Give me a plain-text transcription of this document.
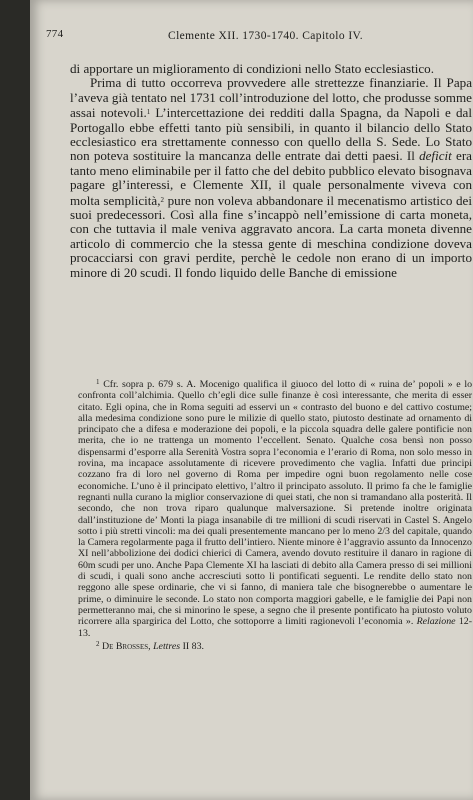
774	Clemente XII. 1730-1740. Capitolo IV.

di apportare un miglioramento di condizioni nello Stato ecclesiastico.

Prima di tutto occorreva provvedere alle strettezze finanziarie. Il Papa l’aveva già tentato nel 1731 coll’introduzione del lotto, che produsse somme assai notevoli.$^1$ L’intercettazione dei redditi dalla Spagna, da Napoli e dal Portogallo ebbe effetti tanto più sensibili, in quanto il bilancio dello Stato ecclesiastico era strettamente connesso con quello della S. Sede. Lo Stato non poteva sostituire la mancanza delle entrate dai detti paesi. Il deficit era tanto meno eliminabile per il fatto che del debito pubblico elevato bisognava pagare gl’interessi, e Clemente XII, il quale personalmente viveva con molta semplicità,$^2$ pure non voleva abbandonare il mecenatismo artistico dei suoi predecessori. Così alla fine s’incappò nell’emissione di carta moneta, con che tuttavia il male veniva aggravato ancora. La carta moneta divenne articolo di commercio che la stessa gente di meschina condizione doveva procacciarsi con gravi perdite, perchè le cedole non erano di un importo minore di 20 scudi. Il fondo liquido delle Banche di emissione

$^1$ Cfr. sopra p. 679 s. A. Mocenigo qualifica il giuoco del lotto di « ruina de’ popoli » e lo confronta coll’alchimia. Quello ch’egli dice sulle finanze è così interessante, che merita di esser citato. Egli opina, che in Roma seguiti ad esservi un « contrasto del buono e del cattivo costume; alla medesima condizione sono pure le milizie di quello stato, piutosto destinate ad ornamento di principato che a difesa e moderazione dei popoli, e la piccola squadra delle galere pontificie non merita, che io ne trattenga un momento l’eccellent. Senato. Qualche cosa bensì non posso dispensarmi d’esporre alla Serenità Vostra sopra l’economia e l’erario di Roma, non solo messo in rovina, ma incapace assolutamente di ricevere provedimento che vaglia. Infatti due principi cozzano fra di loro nel governo di Roma per impedire ogni buon regolamento nelle cose economiche. L’uno è il principato elettivo, l’altro il principato assoluto. Il primo fa che le famiglie regnanti nulla curano la miglior conservazione di quei stati, che non si tramandano alla posterità. Il secondo, che non trova riparo qualunque malversazione. Si pretende inoltre originata dall’instituzione de’ Monti la piaga insanabile di tre millioni di scudi riservati in Castel S. Angelo sotto i più stretti vincoli: ma dei quali presentemente mancano per lo meno 2/3 del capitale, quando la Camera regolarmente paga il frutto dell’intiero. Niente minore è l’aggravio assunto da Innocenzo XI nell’abbolizione dei dodici chierici di Camera, avendo dovuto restituire il danaro in ragione di 60m scudi per uno. Anche Papa Clemente XI ha lasciati di debito alla Camera presso di sei millioni di scudi, i quali sono anche accresciuti sotto li pontificati seguenti. Le rendite dello stato non reggono alle spese ordinarie, che vi si fanno, di maniera tale che bisognerebbe o aumentare le prime, o diminuire le seconde. Lo stato non comporta maggiori gabelle, e le famiglie dei Papi non permetteranno mai, che si minorino le spese, a segno che il presente pontificato ha piutosto voluto ricorrere alla spargirica del Lotto, che sottoporre a limiti ragionevoli l’economia ». Relazione 12-13.

$^2$ De Brosses, Lettres II 83.
